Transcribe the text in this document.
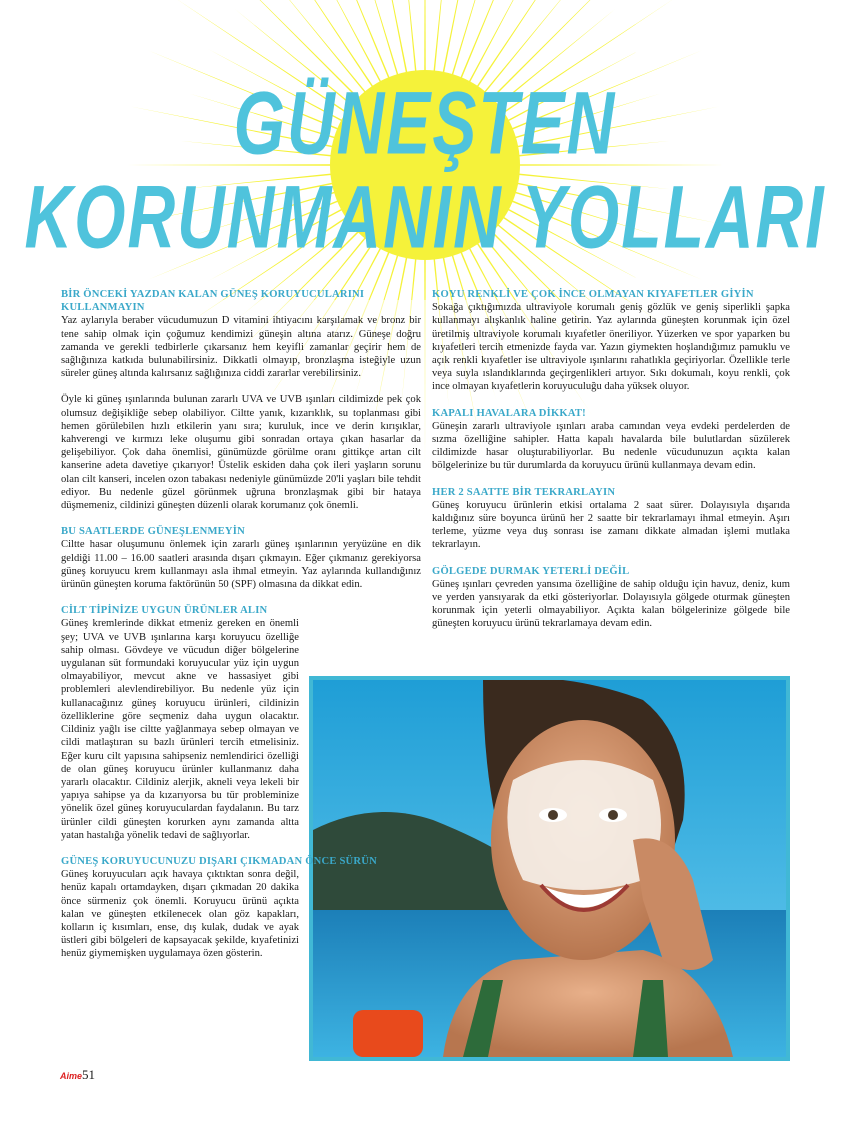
GÜNEŞTEN
KORUNMANIN YOLLARI
BİR ÖNCEKİ YAZDAN KALAN GÜNEŞ KORUYUCULARINI KULLANMAYIN

Yaz aylarıyla beraber vücudumuzun D vitamini ihtiyacını karşılamak ve bronz bir tene sahip olmak için çoğumuz kendimizi güneşin altına atarız. Güneşe doğru zamanda ve gerekli tedbirlerle çıkarsanız hem keyifli zamanlar geçirir hem de sağlığınıza katkıda bulunabilirsiniz. Dikkatli olmayıp, bronzlaşma isteğiyle uzun süreler güneş altında kalırsanız sağlığınıza ciddi zararlar verebilirsiniz.

Öyle ki güneş ışınlarında bulunan zararlı UVA ve UVB ışınları cildimizde pek çok olumsuz değişikliğe sebep olabiliyor. Ciltte yanık, kızarıklık, su toplanması gibi hemen görülebilen hızlı etkilerin yanı sıra; kuruluk, ince ve derin kırışıklar, kahverengi ve kırmızı leke oluşumu gibi sonradan ortaya çıkan hasarlar da gelişebiliyor. Çok daha önemlisi, günümüzde görülme oranı gittikçe artan cilt kanserine adeta davetiye çıkarıyor! Üstelik eskiden daha çok ileri yaşların sorunu olan cilt kanseri, incelen ozon tabakası nedeniyle günümüzde 20'li yaşları bile tehdit ediyor. Bu nedenle güzel görünmek uğruna bronzlaşmak gibi bir hataya düşmemeniz, cildinizi güneşten düzenli olarak korumanız çok önemli.

BU SAATLERDE GÜNEŞLENMEYİN

Ciltte hasar oluşumunu önlemek için zararlı güneş ışınlarının yeryüzüne en dik geldiği 11.00 – 16.00 saatleri arasında dışarı çıkmayın. Eğer çıkmanız gerekiyorsa güneş koruyucu krem kullanmayı asla ihmal etmeyin. Yaz aylarında kullandığınız ürünün güneşten koruma faktörünün 50 (SPF) olmasına da dikkat edin.

CİLT TİPİNİZE UYGUN ÜRÜNLER ALIN

Güneş kremlerinde dikkat etmeniz gereken en önemli şey; UVA ve UVB ışınlarına karşı koruyucu özelliğe sahip olması. Gövdeye ve vücudun diğer bölgelerine uygulanan süt formundaki koruyucular yüz için uygun olmayabiliyor, mevcut akne ve hassasiyet gibi problemleri alevlendirebiliyor. Bu nedenle yüz için kullanacağınız güneş koruyucu ürünleri, cildinizin özelliklerine göre seçmeniz daha uygun olacaktır. Cildiniz yağlı ise ciltte yağlanmaya sebep olmayan ve cildi matlaştıran su bazlı ürünleri tercih etmelisiniz. Eğer kuru cilt yapısına sahipseniz nemlendirici özelliği de olan güneş koruyucu ürünler kullanmanız daha yararlı olacaktır. Cildiniz alerjik, akneli veya lekeli bir yapıya sahipse ya da kızarıyorsa bu tür probleminize yönelik özel güneş koruyuculardan faydalanın. Bu tarz ürünler cildi güneşten korurken aynı zamanda altta yatan hastalığa yönelik tedavi de sağlıyorlar.

GÜNEŞ KORUYUCUNUZU DIŞARI ÇIKMADAN ÖNCE SÜRÜN

Güneş koruyucuları açık havaya çıktıktan sonra değil, henüz kapalı ortamdayken, dışarı çıkmadan 20 dakika önce sürmeniz çok önemli. Koruyucu ürünü açıkta kalan ve güneşten etkilenecek olan göz kapakları, kolların iç kısımları, ense, dış kulak, dudak ve ayak üstleri gibi bölgeleri de kapsayacak şekilde, kıyafetinizi henüz giymemişken uygulamaya özen gösterin.

KOYU RENKLİ VE ÇOK İNCE OLMAYAN KIYAFETLER GİYİN

Sokağa çıktığımızda ultraviyole korumalı geniş gözlük ve geniş siperlikli şapka kullanmayı alışkanlık haline getirin. Yaz aylarında güneşten korunmak için özel üretilmiş ultraviyole korumalı kıyafetler öneriliyor. Yüzerken ve spor yaparken bu kıyafetleri tercih etmenizde fayda var. Yazın giymekten hoşlandığımız pamuklu ve açık renkli kıyafetler ise ultraviyole ışınlarını rahatlıkla geçiriyorlar. Özellikle terle veya suyla ıslandıklarında geçirgenlikleri artıyor. Sıkı dokumalı, koyu renkli, çok ince olmayan kıyafetlerin koruyuculuğu daha yüksek oluyor.

KAPALI HAVALARA DİKKAT!

Güneşin zararlı ultraviyole ışınları araba camından veya evdeki perdelerden de sızma özelliğine sahipler. Hatta kapalı havalarda bile bulutlardan süzülerek cildimizde hasar oluşturabiliyorlar. Bu nedenle vücudunuzun açıkta kalan bölgelerinize bu tür durumlarda da koruyucu ürünü kullanmaya devam edin.

HER 2 SAATTE BİR TEKRARLAYIN

Güneş koruyucu ürünlerin etkisi ortalama 2 saat sürer. Dolayısıyla dışarıda kaldığınız süre boyunca ürünü her 2 saatte bir tekrarlamayı ihmal etmeyin. Aşırı terleme, yüzme veya duş sonrası ise zamanı dikkate almadan işlemi mutlaka tekrarlayın.

GÖLGEDE DURMAK YETERLİ DEĞİL

Güneş ışınları çevreden yansıma özelliğine de sahip olduğu için havuz, deniz, kum ve yerden yansıyarak da etki gösteriyorlar. Dolayısıyla gölgede oturmak güneşten korunmak için yeterli olmayabiliyor. Açıkta kalan bölgelerinize gölgede bile güneşten koruyucu ürünü tekrarlamaya devam edin.

Aime51
